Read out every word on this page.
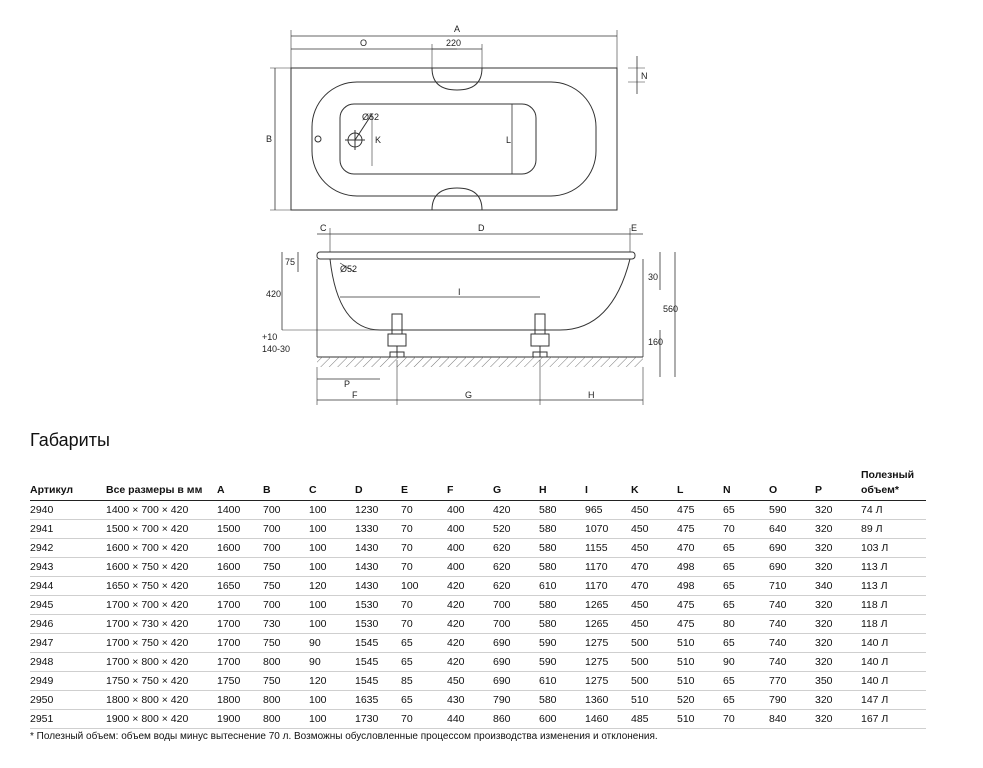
A
O	220
N
B	L
K
Ø52
C	D	E
I
Ø52
75
420
30
560
160
+10
140-30
P
F	G	H
Габариты
Артикул	Все размеры в мм	A	B	C	D	E	F	G	H	I	K	L	N	O	P	Полезный объем*
2940	1400 × 700 × 420	1400	700	100	1230	70	400	420	580	965	450	475	65	590	320	74 Л
2941	1500 × 700 × 420	1500	700	100	1330	70	400	520	580	1070	450	475	70	640	320	89 Л
2942	1600 × 700 × 420	1600	700	100	1430	70	400	620	580	1155	450	470	65	690	320	103 Л
2943	1600 × 750 × 420	1600	750	100	1430	70	400	620	580	1170	470	498	65	690	320	113 Л
2944	1650 × 750 × 420	1650	750	120	1430	100	420	620	610	1170	470	498	65	710	340	113 Л
2945	1700 × 700 × 420	1700	700	100	1530	70	420	700	580	1265	450	475	65	740	320	118 Л
2946	1700 × 730 × 420	1700	730	100	1530	70	420	700	580	1265	450	475	80	740	320	118 Л
2947	1700 × 750 × 420	1700	750	90	1545	65	420	690	590	1275	500	510	65	740	320	140 Л
2948	1700 × 800 × 420	1700	800	90	1545	65	420	690	590	1275	500	510	90	740	320	140 Л
2949	1750 × 750 × 420	1750	750	120	1545	85	450	690	610	1275	500	510	65	770	350	140 Л
2950	1800 × 800 × 420	1800	800	100	1635	65	430	790	580	1360	510	520	65	790	320	147 Л
2951	1900 × 800 × 420	1900	800	100	1730	70	440	860	600	1460	485	510	70	840	320	167 Л
* Полезный объем: объем воды минус вытеснение 70 л. Возможны обусловленные процессом производства изменения и отклонения.
